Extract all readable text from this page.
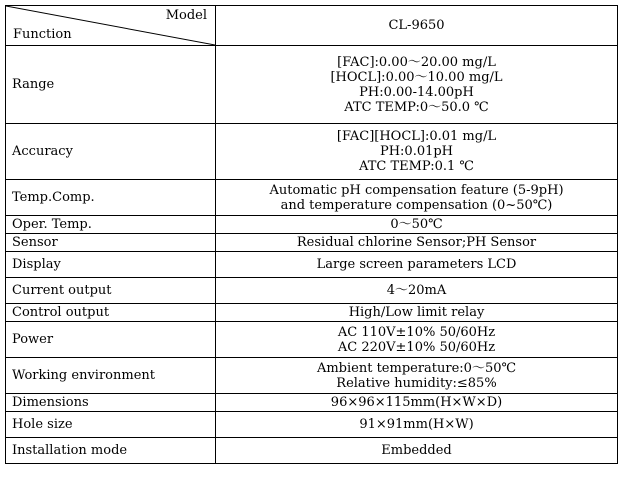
Model
Function	CL-9650
Range	[FAC]:0.00～20.00 mg/L
[HOCL]:0.00～10.00 mg/L
PH:0.00-14.00pH
ATC TEMP:0～50.0 ℃

Accuracy	[FAC][HOCL]:0.01 mg/L
PH:0.01pH
ATC TEMP:0.1 ℃

Temp.Comp.	Automatic pH compensation feature (5-9pH)
and temperature compensation (0~50℃)

Oper. Temp.	0～50℃

Sensor	Residual chlorine Sensor;PH Sensor

Display	Large screen parameters LCD

Current output	4～20mA

Control output	High/Low limit relay

Power	AC 110V±10% 50/60Hz
AC 220V±10% 50/60Hz

Working environment	Ambient temperature:0～50℃
Relative humidity:≤85%

Dimensions	96×96×115mm(H×W×D)

Hole size	91×91mm(H×W)

Installation mode	Embedded
